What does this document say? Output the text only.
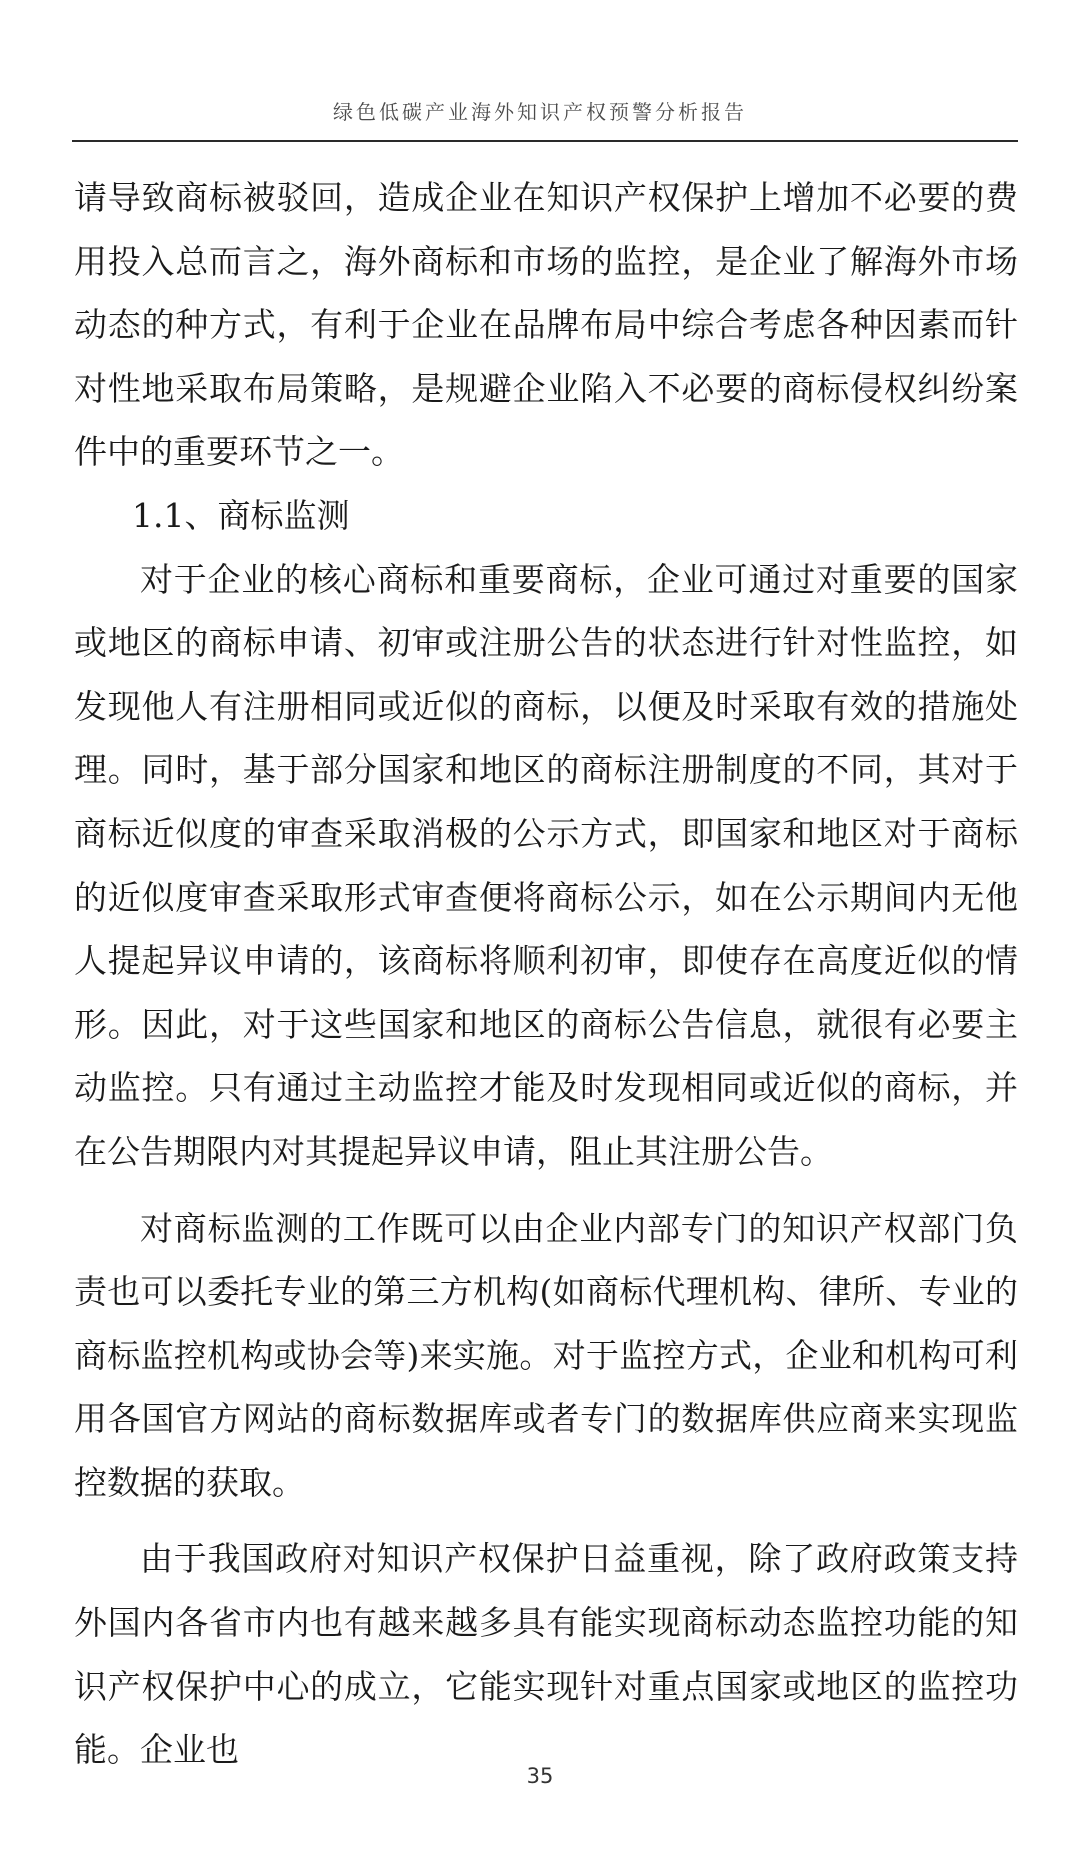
绿色低碳产业海外知识产权预警分析报告

请导致商标被驳回，造成企业在知识产权保护上增加不必要的费用投入总而言之，海外商标和市场的监控，是企业了解海外市场动态的种方式，有利于企业在品牌布局中综合考虑各种因素而针对性地采取布局策略，是规避企业陷入不必要的商标侵权纠纷案件中的重要环节之一。

1.1、商标监测

对于企业的核心商标和重要商标，企业可通过对重要的国家或地区的商标申请、初审或注册公告的状态进行针对性监控，如发现他人有注册相同或近似的商标，以便及时采取有效的措施处理。同时，基于部分国家和地区的商标注册制度的不同，其对于商标近似度的审查采取消极的公示方式，即国家和地区对于商标的近似度审查采取形式审查便将商标公示，如在公示期间内无他人提起异议申请的，该商标将顺利初审，即使存在高度近似的情形。因此，对于这些国家和地区的商标公告信息，就很有必要主动监控。只有通过主动监控才能及时发现相同或近似的商标，并在公告期限内对其提起异议申请，阻止其注册公告。

对商标监测的工作既可以由企业内部专门的知识产权部门负责也可以委托专业的第三方机构(如商标代理机构、律所、专业的商标监控机构或协会等)来实施。对于监控方式，企业和机构可利用各国官方网站的商标数据库或者专门的数据库供应商来实现监控数据的获取。

由于我国政府对知识产权保护日益重视，除了政府政策支持外国内各省市内也有越来越多具有能实现商标动态监控功能的知识产权保护中心的成立，它能实现针对重点国家或地区的监控功能。企业也

35
